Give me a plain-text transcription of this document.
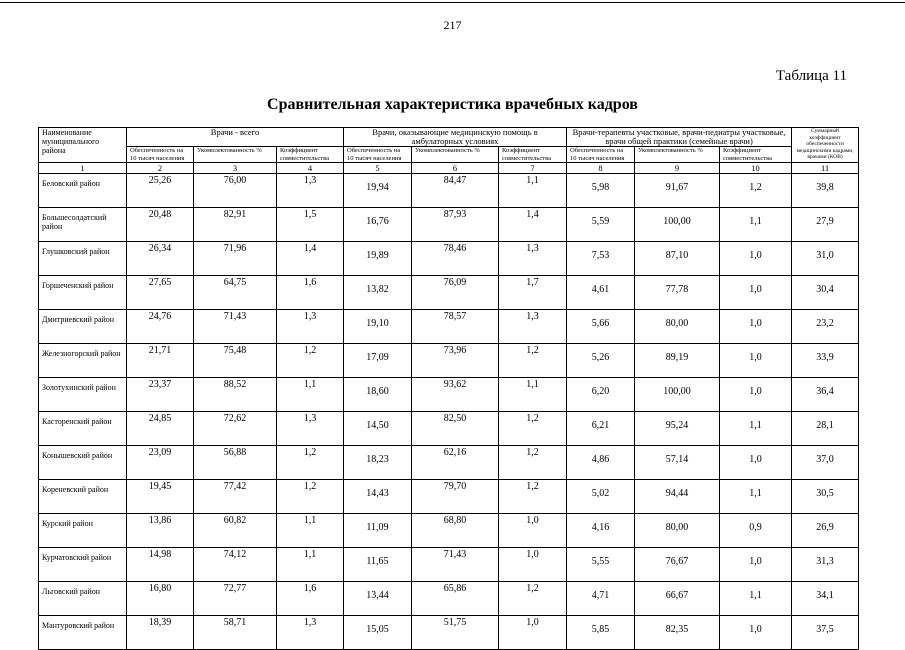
217
Таблица 11
Сравнительная характеристика врачебных кадров
Наименование муниципального района	Врачи - всего			Врачи, оказывающие медицинскую помощь в амбулаторных условиях			Врачи-терапевты участковые, врачи-педиатры участковые, врачи общей практики (семейные врачи)			Суммарный коэффициент обеспеченности медицинскими кадрами, врачами (КОВ)
	Обеспеченность на 10 тысяч населения	Укомплектованность %	Коэффициент совместительства	Обеспеченность на 10 тысяч населения	Укомплектованность %	Коэффициент совместительства	Обеспеченность на 10 тысяч населения	Укомплектованность %	Коэффициент совместительства	
1	2	3	4	5	6	7	8	9	10	11
Беловский район	25,26	76,00	1,3	19,94	84,47	1,1	5,98	91,67	1,2	39,8
Большесолдатский район	20,48	82,91	1,5	16,76	87,93	1,4	5,59	100,00	1,1	27,9
Глушковский район	26,34	71,96	1,4	19,89	78,46	1,3	7,53	87,10	1,0	31,0
Горшеченский район	27,65	64,75	1,6	13,82	76,09	1,7	4,61	77,78	1,0	30,4
Дмитриевский район	24,76	71,43	1,3	19,10	78,57	1,3	5,66	80,00	1,0	23,2
Железногорский район	21,71	75,48	1,2	17,09	73,96	1,2	5,26	89,19	1,0	33,9
Золотухинский район	23,37	88,52	1,1	18,60	93,62	1,1	6,20	100,00	1,0	36,4
Касторенский район	24,85	72,62	1,3	14,50	82,50	1,2	6,21	95,24	1,1	28,1
Конышевский район	23,09	56,88	1,2	18,23	62,16	1,2	4,86	57,14	1,0	37,0
Кореневский район	19,45	77,42	1,2	14,43	79,70	1,2	5,02	94,44	1,1	30,5
Курский район	13,86	60,82	1,1	11,09	68,80	1,0	4,16	80,00	0,9	26,9
Курчатовский район	14,98	74,12	1,1	11,65	71,43	1,0	5,55	76,67	1,0	31,3
Льговский район	16,80	72,77	1,6	13,44	65,86	1,2	4,71	66,67	1,1	34,1
Мантуровский район	18,39	58,71	1,3	15,05	51,75	1,0	5,85	82,35	1,0	37,5
